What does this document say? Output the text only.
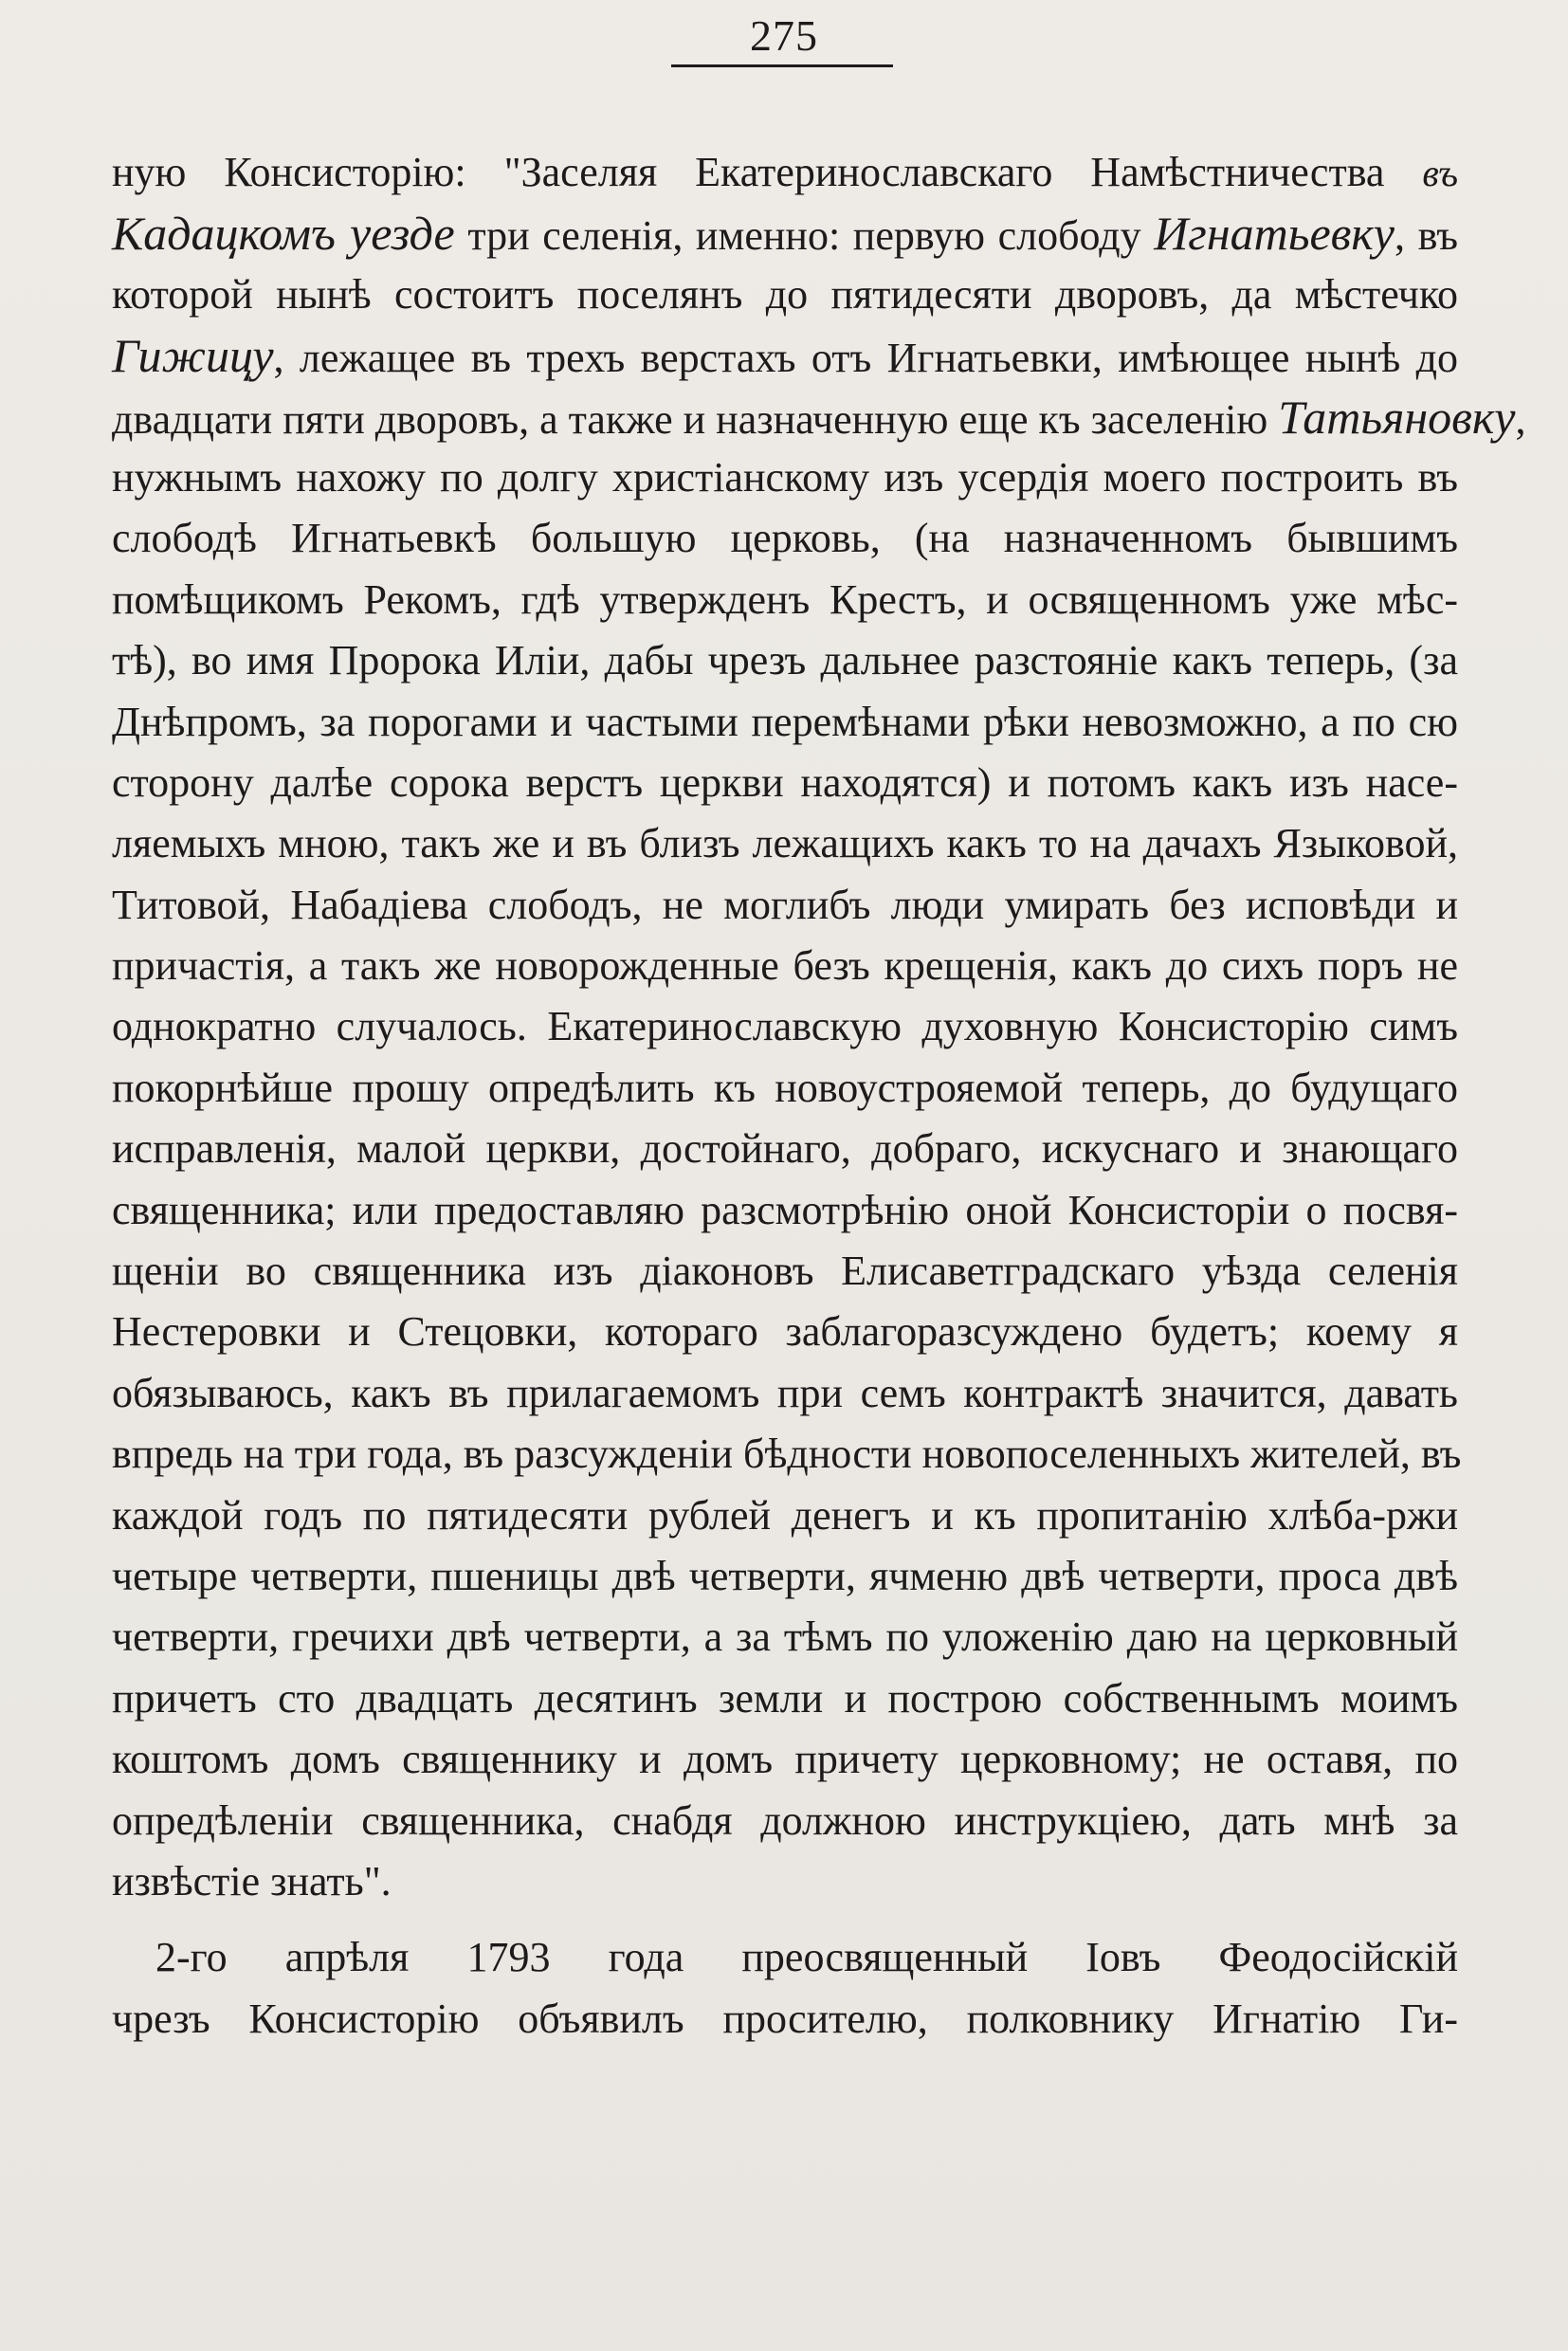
275
ную Консисторію: "Заселяя Екатеринославскаго Намѣстничества въ
Кадацкомъ уезде три селенія, именно: первую слободу Игнатьевку, въ
которой нынѣ состоитъ поселянъ до пятидесяти дворовъ, да мѣстечко
Гижицу, лежащее въ трехъ верстахъ отъ Игнатьевки, имѣющее нынѣ до
двадцати пяти дворовъ, а также и назначенную еще къ заселенію Татьяновку,
нужнымъ нахожу по долгу христіанскому изъ усердія моего построить въ
слободѣ Игнатьевкѣ большую церковь, (на назначенномъ бывшимъ
помѣщикомъ Рекомъ, гдѣ утвержденъ Крестъ, и освященномъ уже мѣс-
тѣ), во имя Пророка Иліи, дабы чрезъ дальнее разстояніе какъ теперь, (за
Днѣпромъ, за порогами и частыми перемѣнами рѣки невозможно, а по сю
сторону далѣе сорока верстъ церкви находятся) и потомъ какъ изъ насе-
ляемыхъ мною, такъ же и въ близъ лежащихъ какъ то на дачахъ Языковой,
Титовой, Набадіева слободъ, не моглибъ люди умирать без исповѣди и
причастія, а такъ же новорожденные безъ крещенія, какъ до сихъ поръ не
однократно случалось. Екатеринославскую духовную Консисторію симъ
покорнѣйше прошу опредѣлить къ новоустрояемой теперь, до будущаго
исправленія, малой церкви, достойнаго, добраго, искуснаго и знающаго
священника; или предоставляю разсмотрѣнію оной Консисторіи о посвя-
щеніи во священника изъ діаконовъ Елисаветградскаго уѣзда селенія
Нестеровки и Стецовки, котораго заблагоразсуждено будетъ; коему я
обязываюсь, какъ въ прилагаемомъ при семъ контрактѣ значится, давать
впредь на три года, въ разсужденіи бѣдности новопоселенныхъ жителей, въ
каждой годъ по пятидесяти рублей денегъ и къ пропитанію хлѣба-ржи
четыре четверти, пшеницы двѣ четверти, ячменю двѣ четверти, проса двѣ
четверти, гречихи двѣ четверти, а за тѣмъ по уложенію даю на церковный
причетъ сто двадцать десятинъ земли и построю собственнымъ моимъ
коштомъ домъ священнику и домъ причету церковному; не оставя, по
опредѣленіи священника, снабдя должною инструкціею, дать мнѣ за
извѣстіе знать".
2-го апрѣля 1793 года преосвященный Іовъ Феодосійскій
чрезъ Консисторію объявилъ просителю, полковнику Игнатію Ги-
